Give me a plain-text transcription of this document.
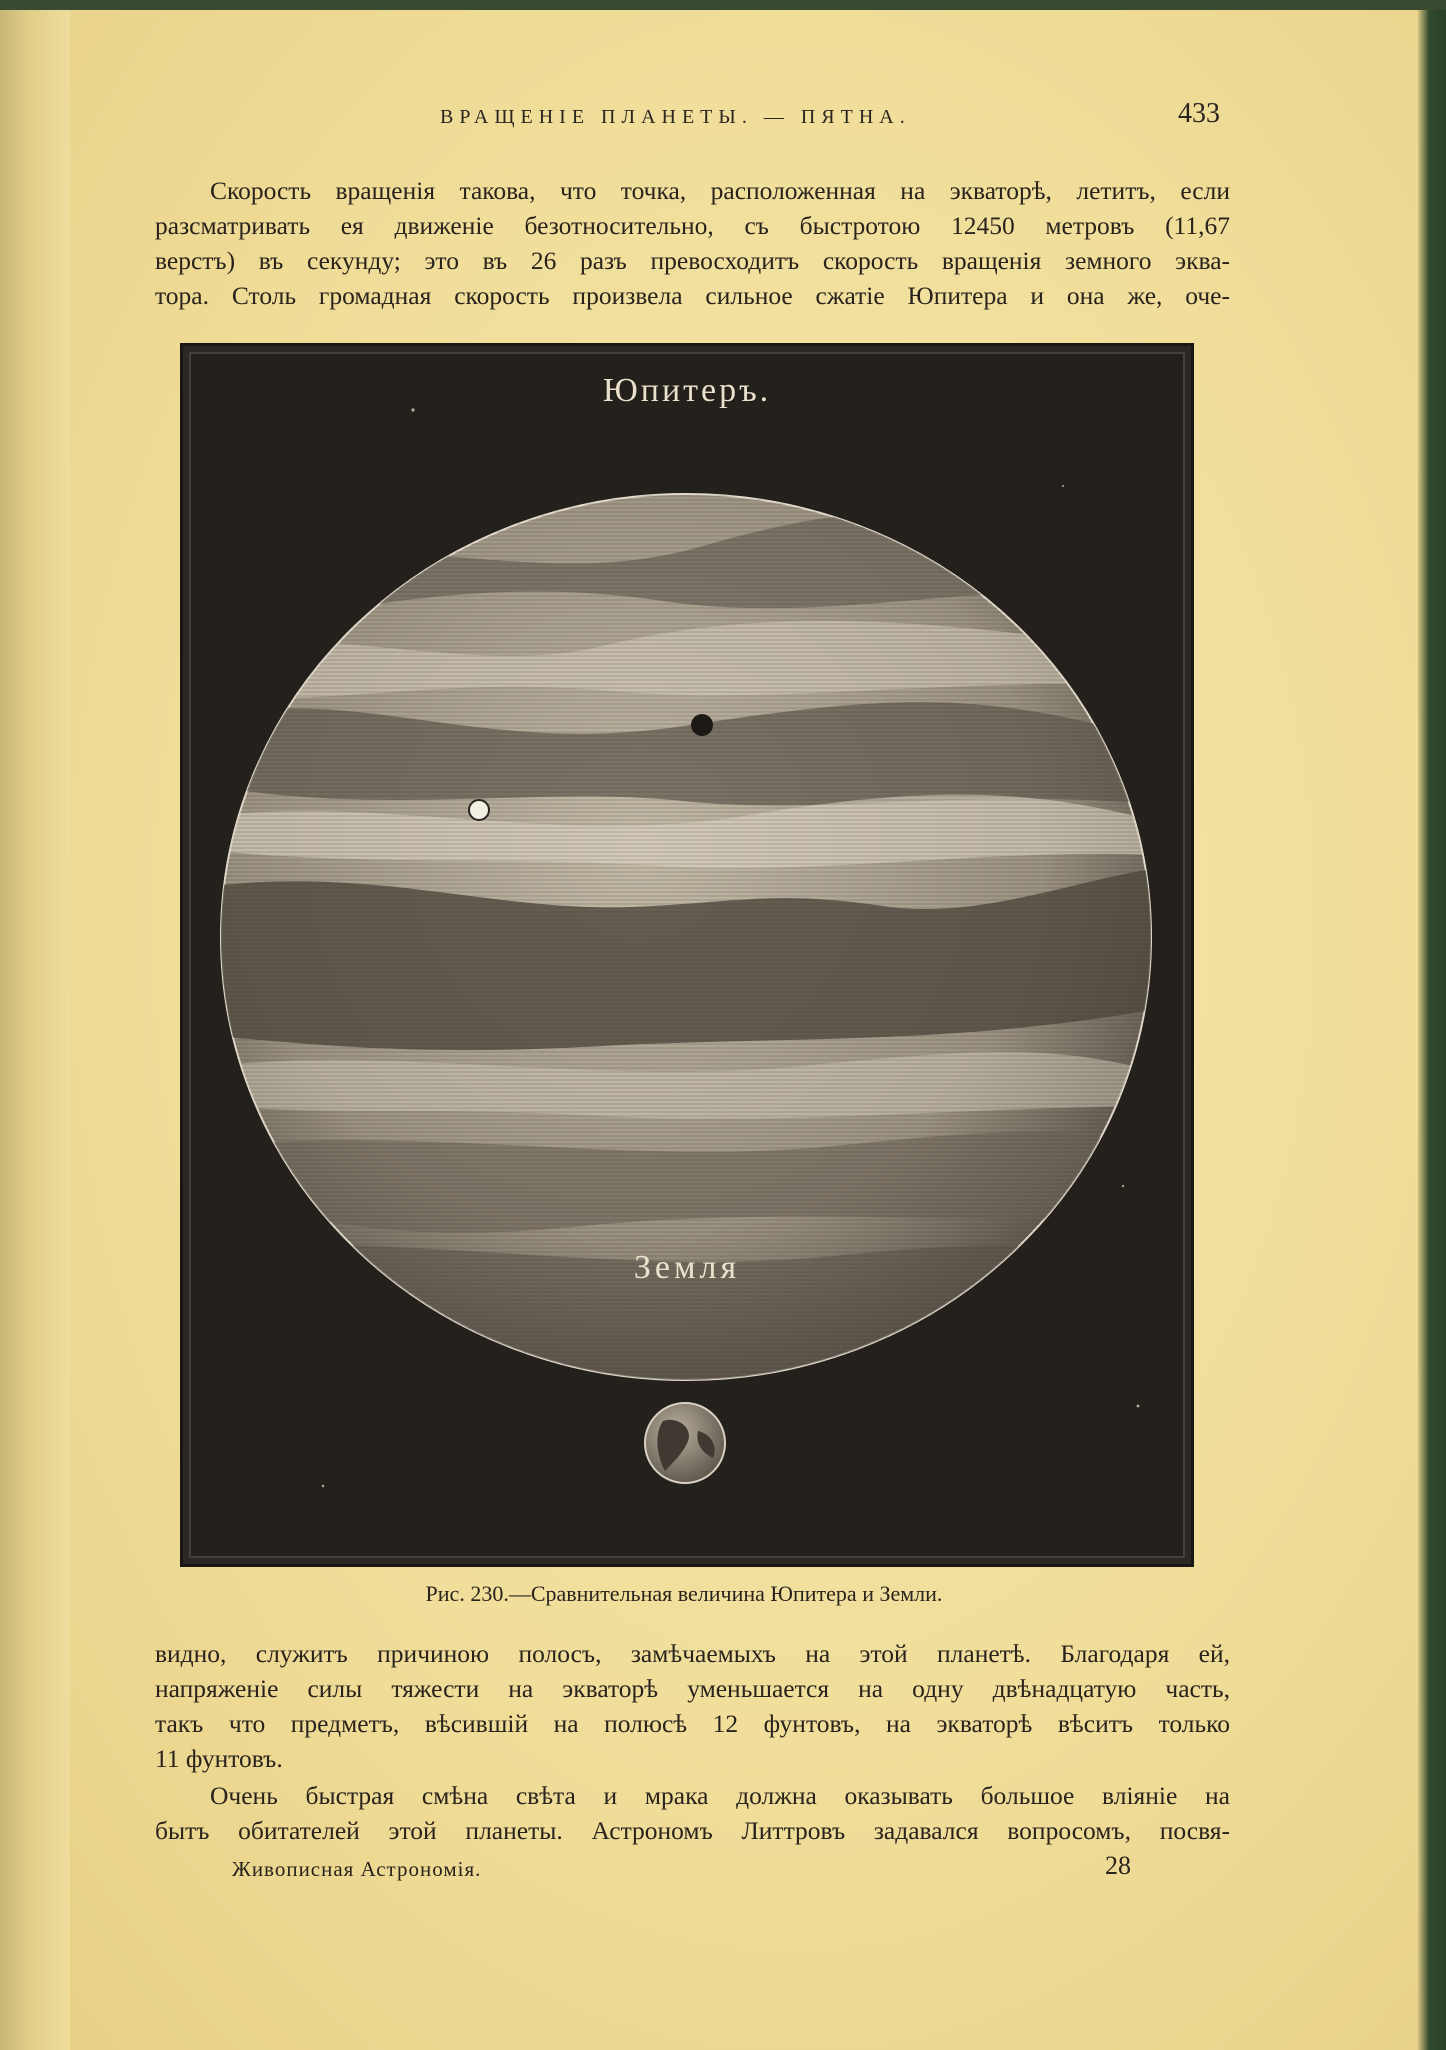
ВРАЩЕНІЕ ПЛАНЕТЫ. — ПЯТНА.	433
Скорость вращенія такова, что точка, расположенная на экваторѣ, летитъ, если
разсматривать ея движеніе безотносительно, съ быстротою 12450 метровъ (11,67
верстъ) въ секунду; это въ 26 разъ превосходитъ скорость вращенія земного эква-
тора. Столь громадная скорость произвела сильное сжатіе Юпитера и она же, оче-
Юпитеръ.
Земля
Рис. 230.—Сравнительная величина Юпитера и Земли.
видно, служитъ причиною полосъ, замѣчаемыхъ на этой планетѣ. Благодаря ей,
напряженіе силы тяжести на экваторѣ уменьшается на одну двѣнадцатую часть,
такъ что предметъ, вѣсившій на полюсѣ 12 фунтовъ, на экваторѣ вѣситъ только
11 фунтовъ.
Очень быстрая смѣна свѣта и мрака должна оказывать большое вліяніе на
бытъ обитателей этой планеты. Астрономъ Литтровъ задавался вопросомъ, посвя-
Живописная Астрономія.	28
